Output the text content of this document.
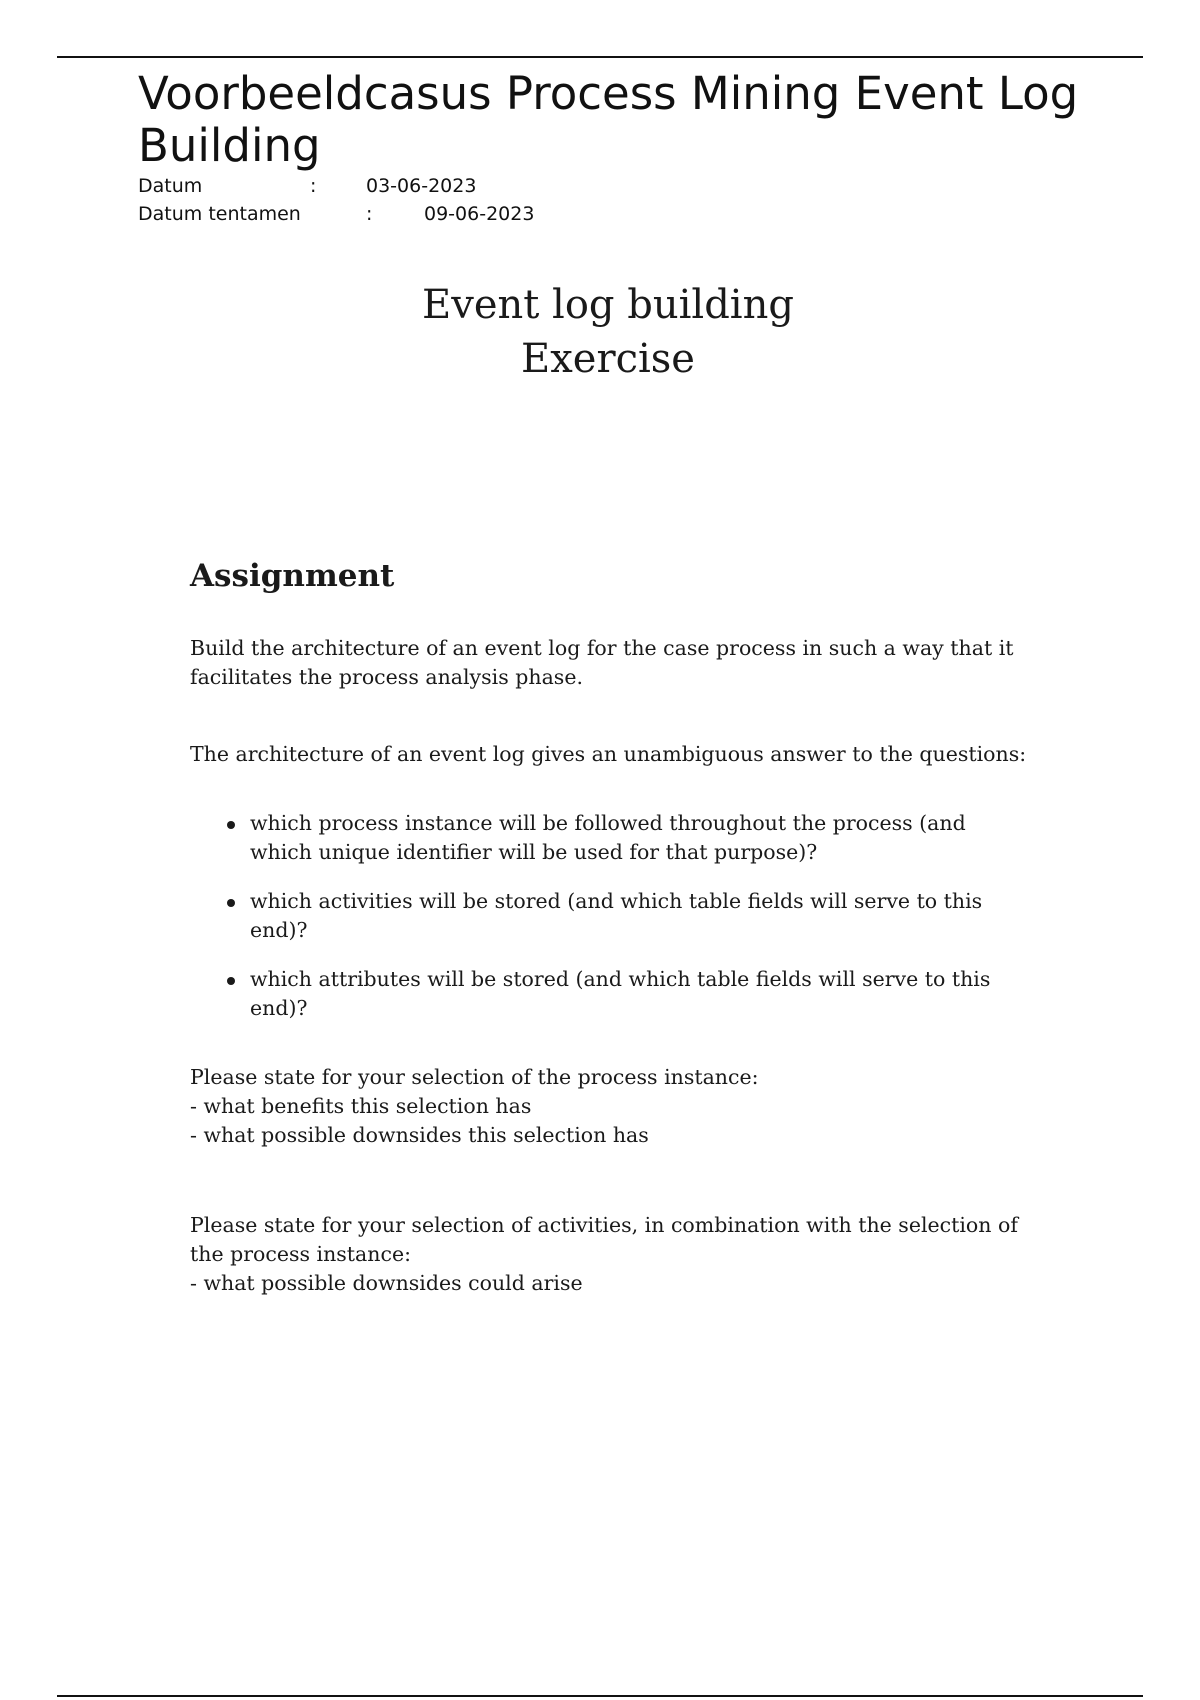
Voorbeeldcasus Process Mining Event Log Building
Datum	:	03-06-2023
Datum tentamen	:	09-06-2023
Event log building
Exercise
Assignment

Build the architecture of an event log for the case process in such a way that it facilitates the process analysis phase.

The architecture of an event log gives an unambiguous answer to the questions:

which process instance will be followed throughout the process (and which unique identifier will be used for that purpose)?
which activities will be stored (and which table fields will serve to this end)?
which attributes will be stored (and which table fields will serve to this end)?
Please state for your selection of the process instance:
- what benefits this selection has
- what possible downsides this selection has
Please state for your selection of activities, in combination with the selection of the process instance:
- what possible downsides could arise
